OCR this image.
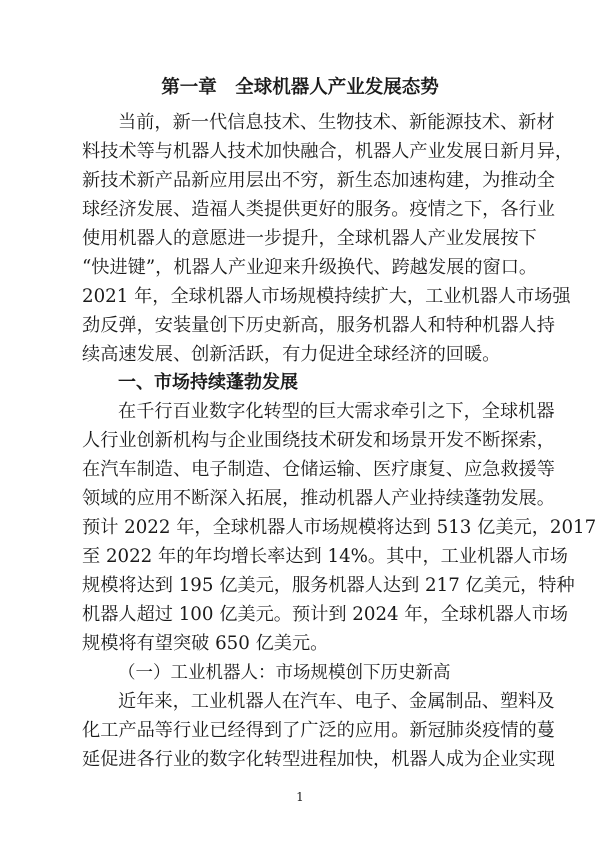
第一章　全球机器人产业发展态势
当前，新一代信息技术、生物技术、新能源技术、新材
料技术等与机器人技术加快融合，机器人产业发展日新月异，
新技术新产品新应用层出不穷，新生态加速构建，为推动全
球经济发展、造福人类提供更好的服务。疫情之下，各行业
使用机器人的意愿进一步提升，全球机器人产业发展按下
“快进键”，机器人产业迎来升级换代、跨越发展的窗口。
2021 年，全球机器人市场规模持续扩大，工业机器人市场强
劲反弹，安装量创下历史新高，服务机器人和特种机器人持
续高速发展、创新活跃，有力促进全球经济的回暖。
一、市场持续蓬勃发展
在千行百业数字化转型的巨大需求牵引之下，全球机器
人行业创新机构与企业围绕技术研发和场景开发不断探索，
在汽车制造、电子制造、仓储运输、医疗康复、应急救援等
领域的应用不断深入拓展，推动机器人产业持续蓬勃发展。
预计 2022 年，全球机器人市场规模将达到 513 亿美元，2017
至 2022 年的年均增长率达到 14%。其中，工业机器人市场
规模将达到 195 亿美元，服务机器人达到 217 亿美元，特种
机器人超过 100 亿美元。预计到 2024 年，全球机器人市场
规模将有望突破 650 亿美元。
（一）工业机器人：市场规模创下历史新高
近年来，工业机器人在汽车、电子、金属制品、塑料及
化工产品等行业已经得到了广泛的应用。新冠肺炎疫情的蔓
延促进各行业的数字化转型进程加快，机器人成为企业实现
1
